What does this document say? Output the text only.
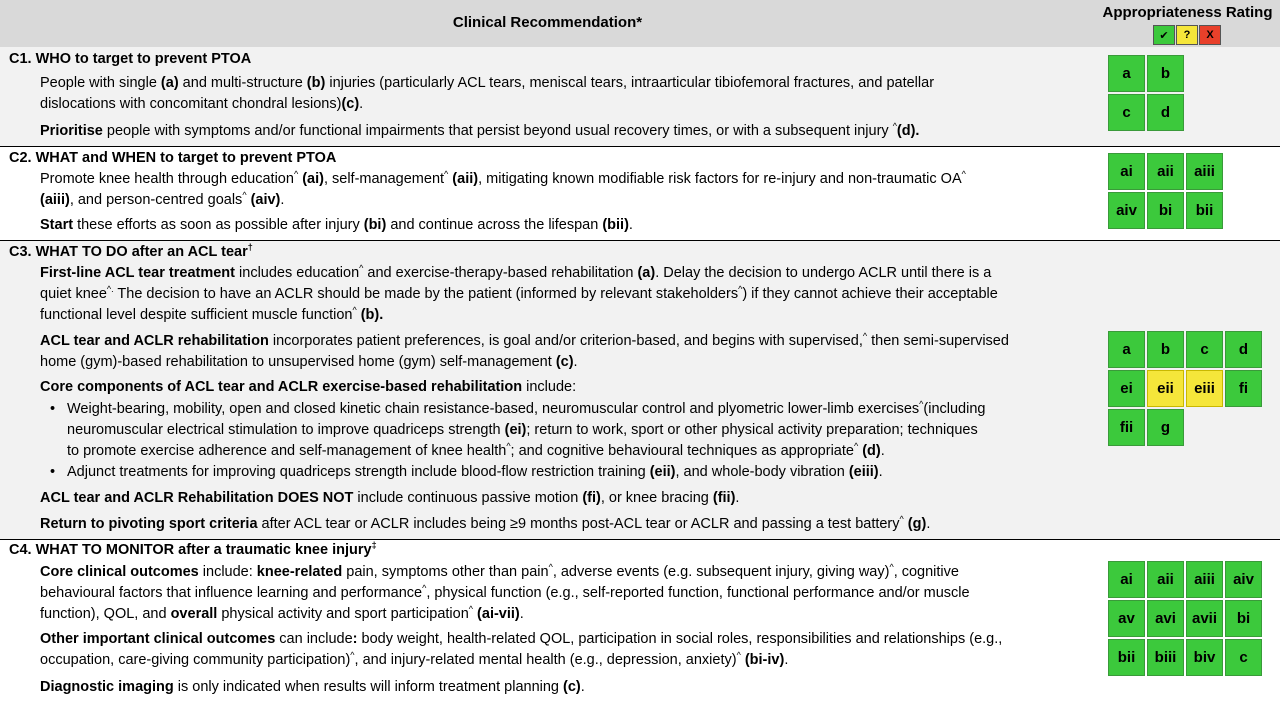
Clinical Recommendation*
Appropriateness Rating
✔	?	X
C1. WHO to target to prevent PTOA
People with single (a) and multi-structure (b) injuries (particularly ACL tears, meniscal tears, intraarticular tibiofemoral fractures, and patellar
dislocations with concomitant chondral lesions)(c).
Prioritise people with symptoms and/or functional impairments that persist beyond usual recovery times, or with a subsequent injury ^(d).
a	b
c	d
C2. WHAT and WHEN to target to prevent PTOA
Promote knee health through education^ (ai), self-management^ (aii), mitigating known modifiable risk factors for re-injury and non-traumatic OA^
(aiii), and person-centred goals^ (aiv).
Start these efforts as soon as possible after injury (bi) and continue across the lifespan (bii).
ai	aii	aiii
aiv	bi	bii
C3. WHAT TO DO after an ACL tear†
First-line ACL tear treatment includes education^ and exercise-therapy-based rehabilitation (a). Delay the decision to undergo ACLR until there is a
quiet knee^. The decision to have an ACLR should be made by the patient (informed by relevant stakeholders^) if they cannot achieve their acceptable
functional level despite sufficient muscle function^ (b).
ACL tear and ACLR rehabilitation incorporates patient preferences, is goal and/or criterion-based, and begins with supervised,^ then semi-supervised
home (gym)-based rehabilitation to unsupervised home (gym) self-management (c).
Core components of ACL tear and ACLR exercise-based rehabilitation include:
• Weight-bearing, mobility, open and closed kinetic chain resistance-based, neuromuscular control and plyometric lower-limb exercises^(including
neuromuscular electrical stimulation to improve quadriceps strength (ei); return to work, sport or other physical activity preparation; techniques
to promote exercise adherence and self-management of knee health^; and cognitive behavioural techniques as appropriate^ (d).
• Adjunct treatments for improving quadriceps strength include blood-flow restriction training (eii), and whole-body vibration (eiii).
ACL tear and ACLR Rehabilitation DOES NOT include continuous passive motion (fi), or knee bracing (fii).
Return to pivoting sport criteria after ACL tear or ACLR includes being ≥9 months post-ACL tear or ACLR and passing a test battery^ (g).
a	b	c	d
ei	eii	eiii	fi
fii	g
C4. WHAT TO MONITOR after a traumatic knee injury‡
Core clinical outcomes include: knee-related pain, symptoms other than pain^, adverse events (e.g. subsequent injury, giving way)^, cognitive
behavioural factors that influence learning and performance^, physical function (e.g., self-reported function, functional performance and/or muscle
function), QOL, and overall physical activity and sport participation^ (ai-vii).
Other important clinical outcomes can include: body weight, health-related QOL, participation in social roles, responsibilities and relationships (e.g.,
occupation, care-giving community participation)^, and injury-related mental health (e.g., depression, anxiety)^ (bi-iv).
Diagnostic imaging is only indicated when results will inform treatment planning (c).
ai	aii	aiii	aiv
av	avi	avii	bi
bii	biii	biv	c
